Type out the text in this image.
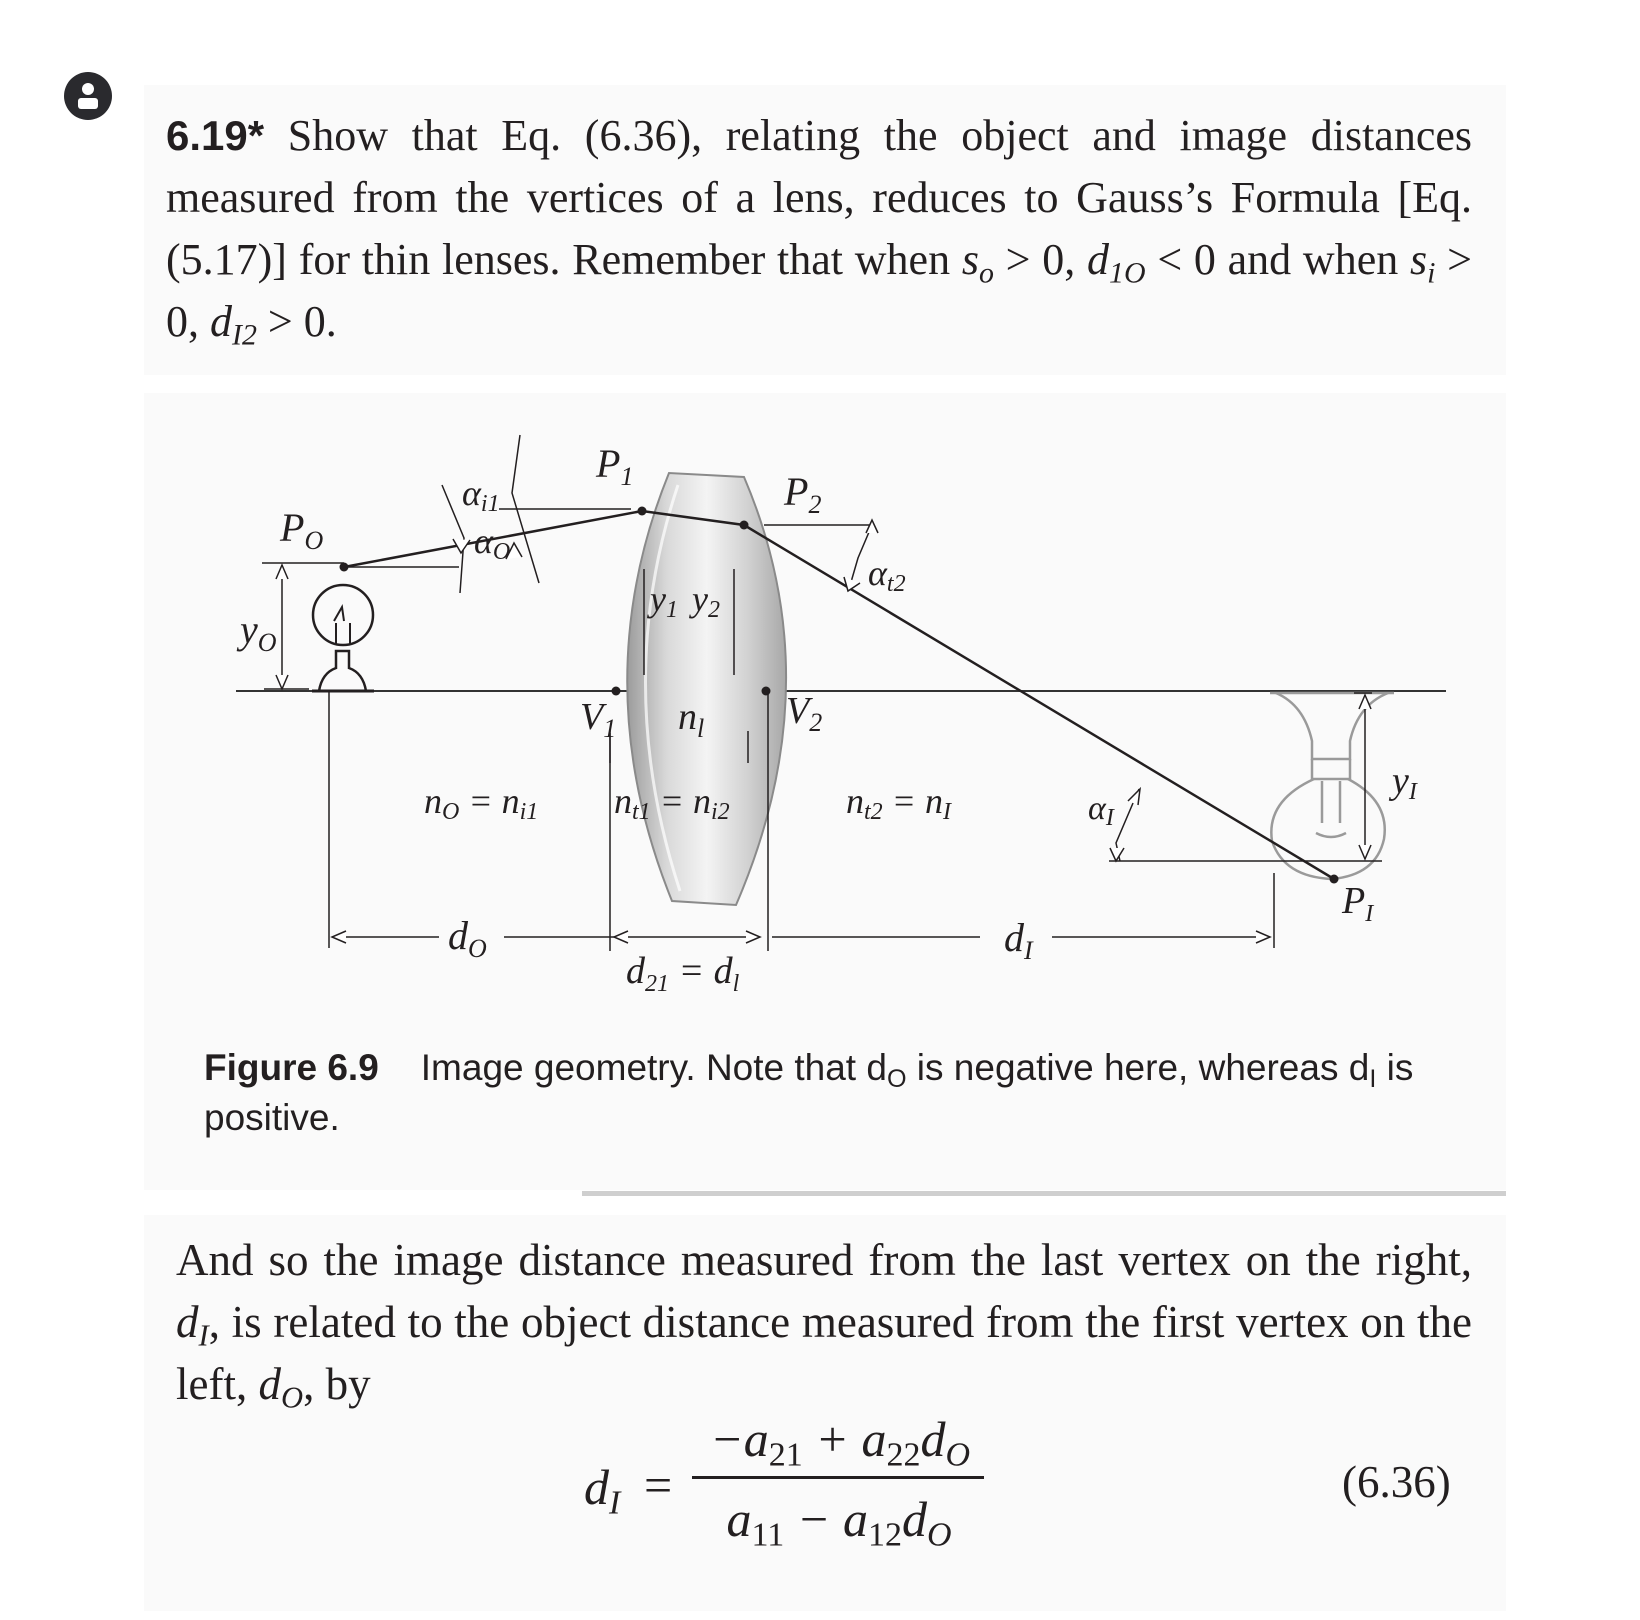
6.19* Show that Eq. (6.36), relating the object and image distances measured from the vertices of a lens, reduces to Gauss’s Formula [Eq. (5.17)] for thin lenses. Remember that when $s_o > 0$, $d_{1O} < 0$ and when $s_i > 0$, $d_{I2} > 0$.
$P_O$
$y_O$
αi1
αO
$P_1$	$P_2$
αt2
y1 y2
$V_1$ $n_l$ $V_2$
nO = ni1 nt1 = ni2	nt2 = nI	αI
yI
$P_I$
$d_O$
$d_{21} = d_l$
$d_I$
Figure 6.9 Image geometry. Note that $d_O$ is negative here, whereas $d_I$ is positive.
And so the image distance measured from the last vertex on the right, $d_I$, is related to the object distance measured from the first vertex on the left, $d_O$, by
$d_I$ =
$-a_{21} + a_{22}d_O$
$a_{11} - a_{12}d_O$
(6.36)
